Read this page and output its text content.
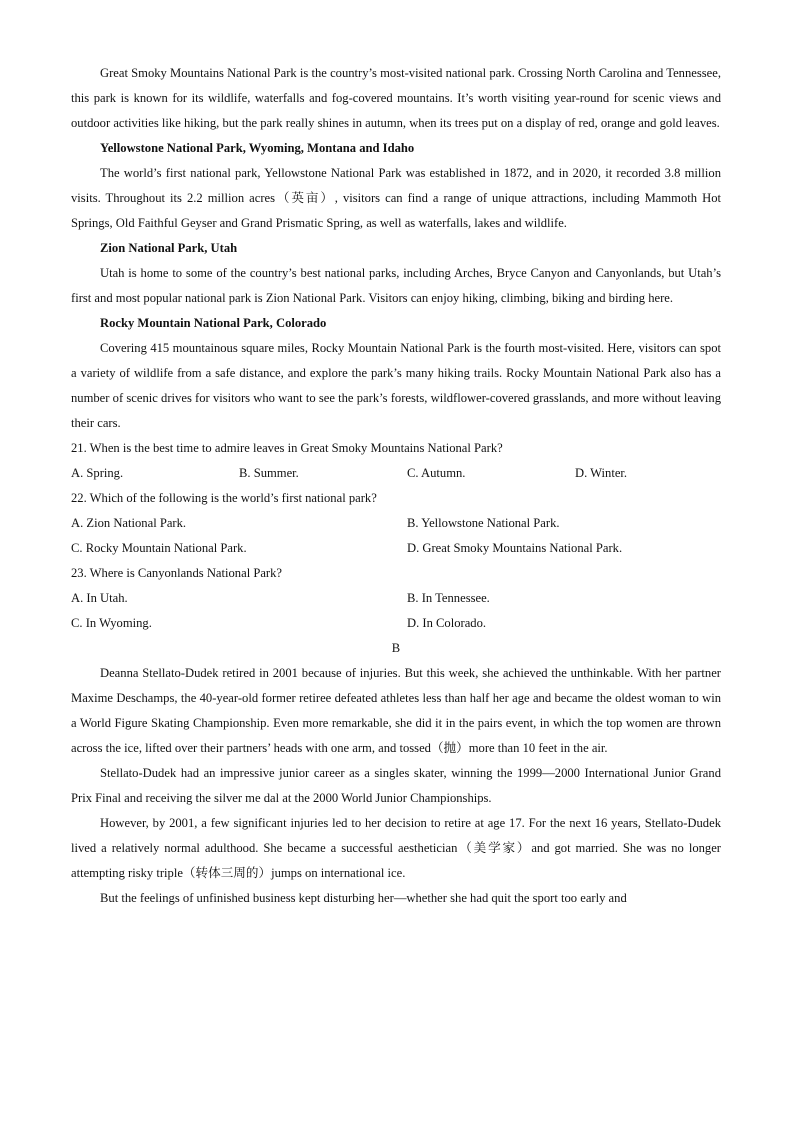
Great Smoky Mountains National Park is the country’s most-visited national park. Crossing North Carolina and Tennessee, this park is known for its wildlife, waterfalls and fog-covered mountains. It’s worth visiting year-round for scenic views and outdoor activities like hiking, but the park really shines in autumn, when its trees put on a display of red, orange and gold leaves.

Yellowstone National Park, Wyoming, Montana and Idaho

The world’s first national park, Yellowstone National Park was established in 1872, and in 2020, it recorded 3.8 million visits. Throughout its 2.2 million acres（英亩）, visitors can find a range of unique attractions, including Mammoth Hot Springs, Old Faithful Geyser and Grand Prismatic Spring, as well as waterfalls, lakes and wildlife.

Zion National Park, Utah

Utah is home to some of the country’s best national parks, including Arches, Bryce Canyon and Canyonlands, but Utah’s first and most popular national park is Zion National Park. Visitors can enjoy hiking, climbing, biking and birding here.

Rocky Mountain National Park, Colorado

Covering 415 mountainous square miles, Rocky Mountain National Park is the fourth most-visited. Here, visitors can spot a variety of wildlife from a safe distance, and explore the park’s many hiking trails. Rocky Mountain National Park also has a number of scenic drives for visitors who want to see the park’s forests, wildflower-covered grasslands, and more without leaving their cars.

21. When is the best time to admire leaves in Great Smoky Mountains National Park?

A. Spring.	B. Summer.	C. Autumn.	D. Winter.

22. Which of the following is the world’s first national park?

A. Zion National Park.	B. Yellowstone National Park.
C. Rocky Mountain National Park.	D. Great Smoky Mountains National Park.

23. Where is Canyonlands National Park?

A. In Utah.	B. In Tennessee.
C. In Wyoming.	D. In Colorado.

B

Deanna Stellato-Dudek retired in 2001 because of injuries. But this week, she achieved the unthinkable. With her partner Maxime Deschamps, the 40-year-old former retiree defeated athletes less than half her age and became the oldest woman to win a World Figure Skating Championship. Even more remarkable, she did it in the pairs event, in which the top women are thrown across the ice, lifted over their partners’ heads with one arm, and tossed（抛）more than 10 feet in the air.

Stellato-Dudek had an impressive junior career as a singles skater, winning the 1999—2000 International Junior Grand Prix Final and receiving the silver me dal at the 2000 World Junior Championships.

However, by 2001, a few significant injuries led to her decision to retire at age 17. For the next 16 years, Stellato-Dudek lived a relatively normal adulthood. She became a successful aesthetician（美学家）and got married. She was no longer attempting risky triple（转体三周的）jumps on international ice.

But the feelings of unfinished business kept disturbing her—whether she had quit the sport too early and
